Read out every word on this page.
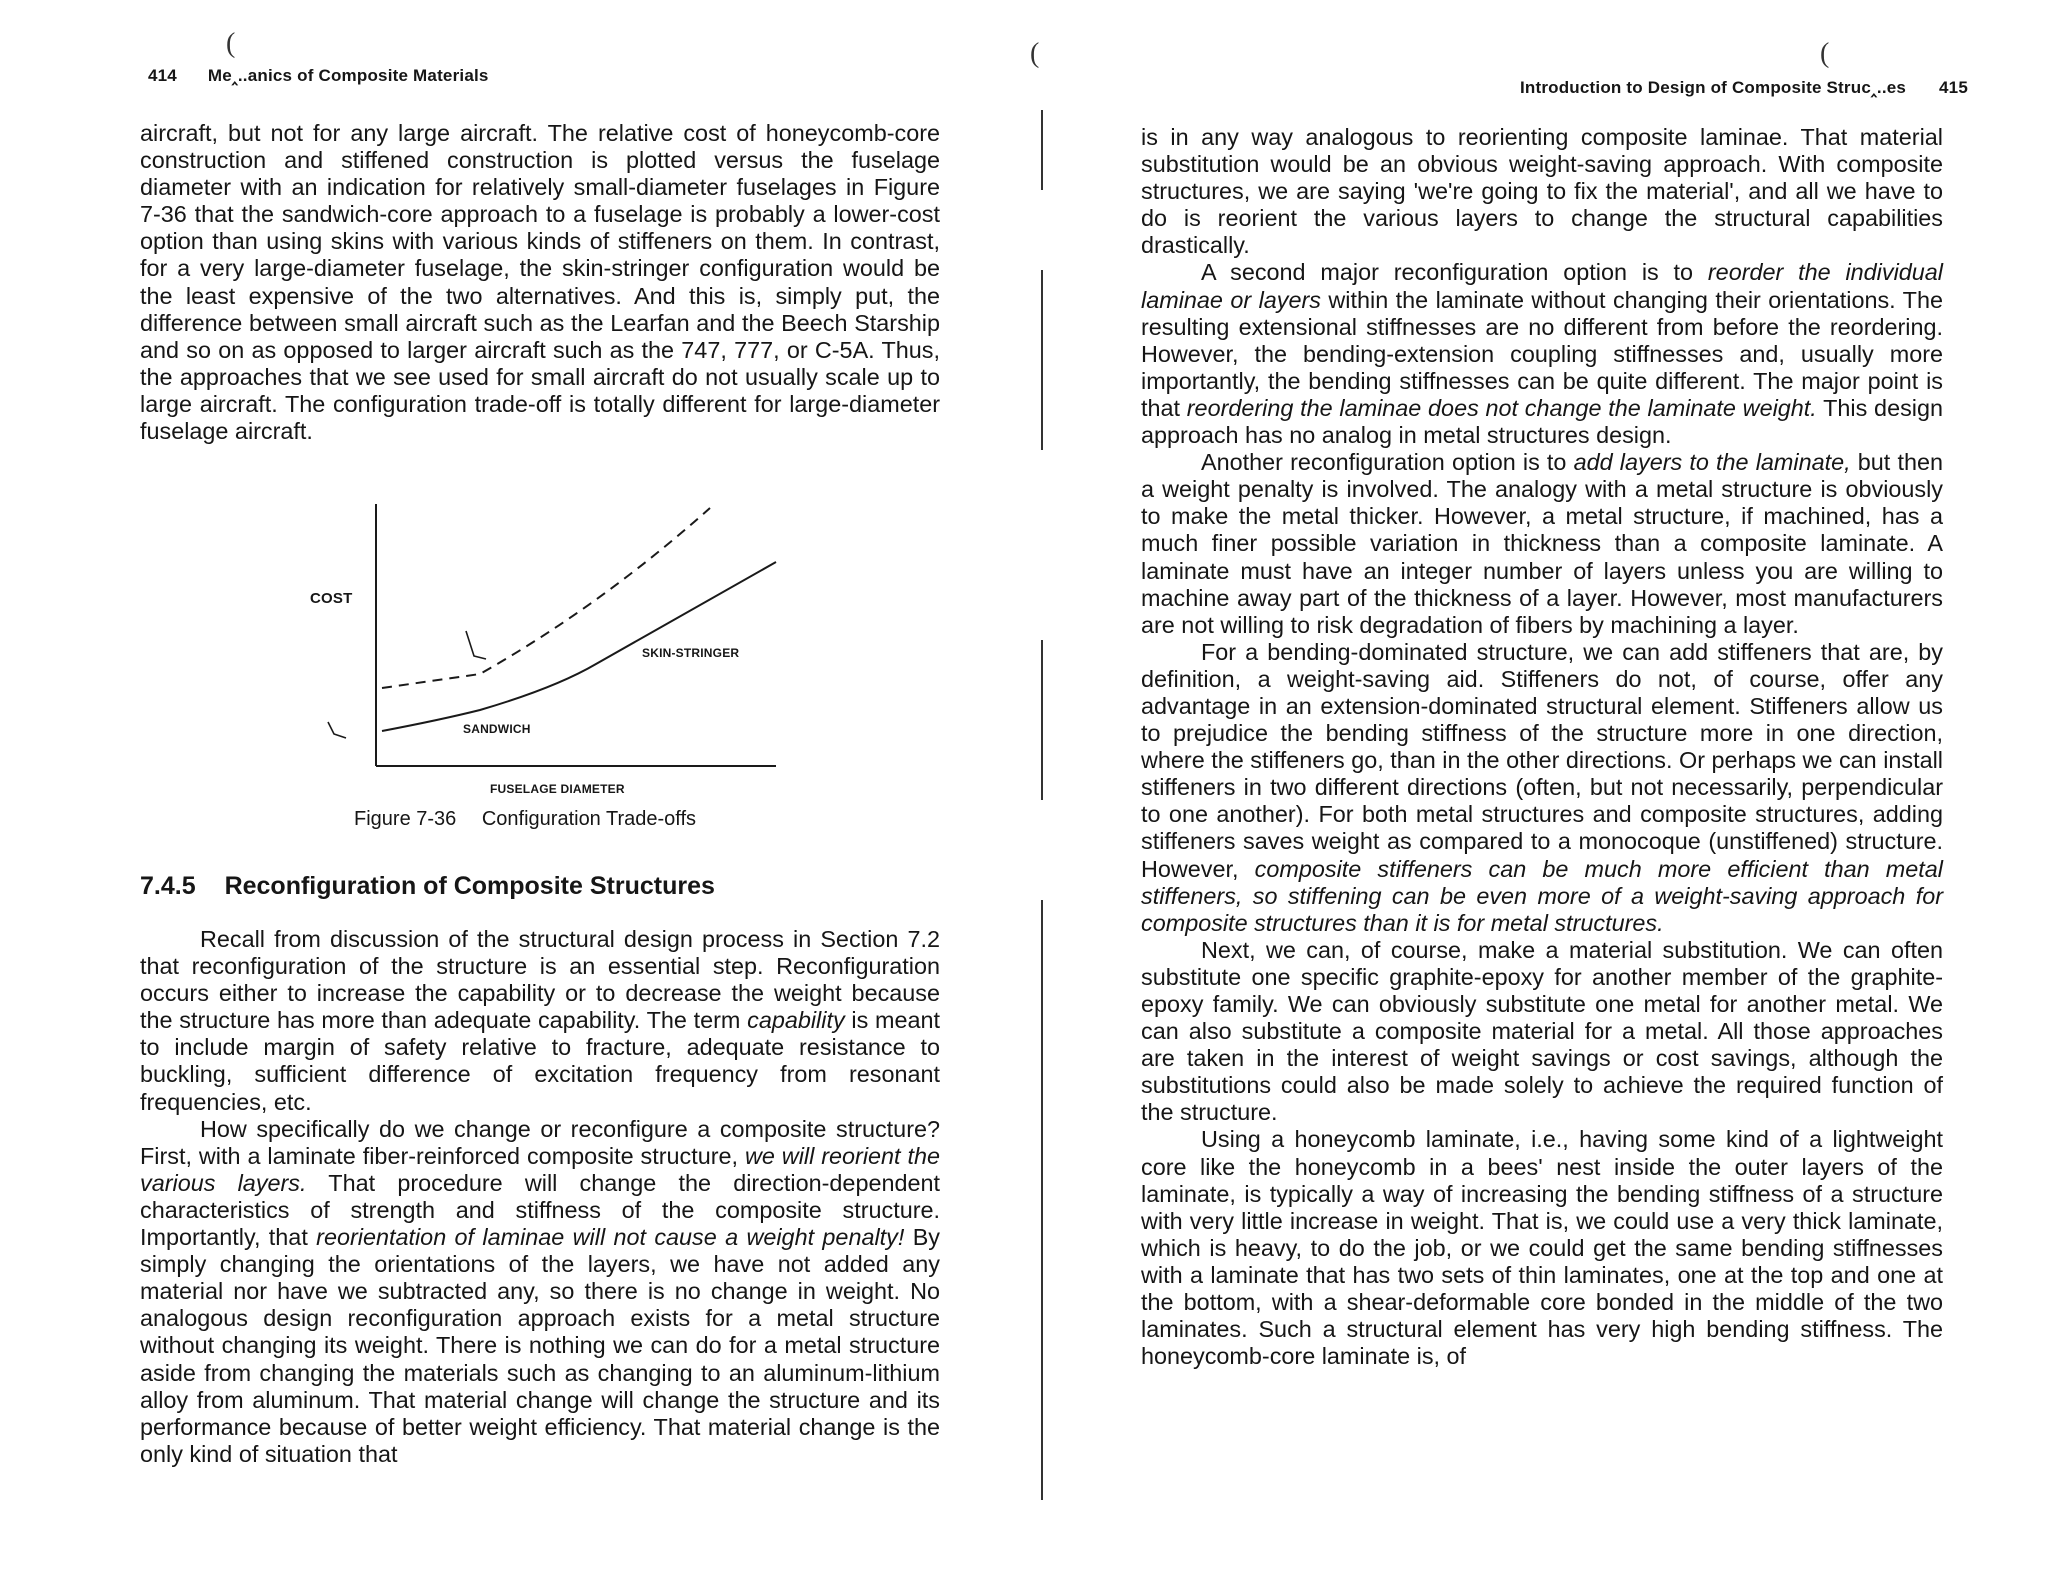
414 Me‸..anics of Composite Materials

aircraft, but not for any large aircraft. The relative cost of honeycomb-core construction and stiffened construction is plotted versus the fuselage diameter with an indication for relatively small-diameter fuselages in Figure 7-36 that the sandwich-core approach to a fuselage is probably a lower-cost option than using skins with various kinds of stiffeners on them. In contrast, for a very large-diameter fuselage, the skin-stringer configuration would be the least expensive of the two alternatives. And this is, simply put, the difference between small aircraft such as the Learfan and the Beech Starship and so on as opposed to larger aircraft such as the 747, 777, or C-5A. Thus, the approaches that we see used for small aircraft do not usually scale up to large aircraft. The configuration trade-off is totally different for large-diameter fuselage aircraft.

COST
SKIN-STRINGER
SANDWICH
FUSELAGE DIAMETER
Figure 7-36 Configuration Trade-offs
7.4.5 Reconfiguration of Composite Structures

Recall from discussion of the structural design process in Section 7.2 that reconfiguration of the structure is an essential step. Reconfiguration occurs either to increase the capability or to decrease the weight because the structure has more than adequate capability. The term capability is meant to include margin of safety relative to fracture, adequate resistance to buckling, sufficient difference of excitation frequency from resonant frequencies, etc.

How specifically do we change or reconfigure a composite structure? First, with a laminate fiber-reinforced composite structure, we will reorient the various layers. That procedure will change the direction-dependent characteristics of strength and stiffness of the composite structure. Importantly, that reorientation of laminae will not cause a weight penalty! By simply changing the orientations of the layers, we have not added any material nor have we subtracted any, so there is no change in weight. No analogous design reconfiguration approach exists for a metal structure without changing its weight. There is nothing we can do for a metal structure aside from changing the materials such as changing to an aluminum-lithium alloy from aluminum. That material change will change the structure and its performance because of better weight efficiency. That material change is the only kind of situation that

(	(
Introduction to Design of Composite Struc‸..es 415
(

is in any way analogous to reorienting composite laminae. That material substitution would be an obvious weight-saving approach. With composite structures, we are saying 'we're going to fix the material', and all we have to do is reorient the various layers to change the structural capabilities drastically.

A second major reconfiguration option is to reorder the individual laminae or layers within the laminate without changing their orientations. The resulting extensional stiffnesses are no different from before the reordering. However, the bending-extension coupling stiffnesses and, usually more importantly, the bending stiffnesses can be quite different. The major point is that reordering the laminae does not change the laminate weight. This design approach has no analog in metal structures design.

Another reconfiguration option is to add layers to the laminate, but then a weight penalty is involved. The analogy with a metal structure is obviously to make the metal thicker. However, a metal structure, if machined, has a much finer possible variation in thickness than a composite laminate. A laminate must have an integer number of layers unless you are willing to machine away part of the thickness of a layer. However, most manufacturers are not willing to risk degradation of fibers by machining a layer.

For a bending-dominated structure, we can add stiffeners that are, by definition, a weight-saving aid. Stiffeners do not, of course, offer any advantage in an extension-dominated structural element. Stiffeners allow us to prejudice the bending stiffness of the structure more in one direction, where the stiffeners go, than in the other directions. Or perhaps we can install stiffeners in two different directions (often, but not necessarily, perpendicular to one another). For both metal structures and composite structures, adding stiffeners saves weight as compared to a monocoque (unstiffened) structure. However, composite stiffeners can be much more efficient than metal stiffeners, so stiffening can be even more of a weight-saving approach for composite structures than it is for metal structures.

Next, we can, of course, make a material substitution. We can often substitute one specific graphite-epoxy for another member of the graphite-epoxy family. We can obviously substitute one metal for another metal. We can also substitute a composite material for a metal. All those approaches are taken in the interest of weight savings or cost savings, although the substitutions could also be made solely to achieve the required function of the structure.

Using a honeycomb laminate, i.e., having some kind of a lightweight core like the honeycomb in a bees' nest inside the outer layers of the laminate, is typically a way of increasing the bending stiffness of a structure with very little increase in weight. That is, we could use a very thick laminate, which is heavy, to do the job, or we could get the same bending stiffnesses with a laminate that has two sets of thin laminates, one at the top and one at the bottom, with a shear-deformable core bonded in the middle of the two laminates. Such a structural element has very high bending stiffness. The honeycomb-core laminate is, of
